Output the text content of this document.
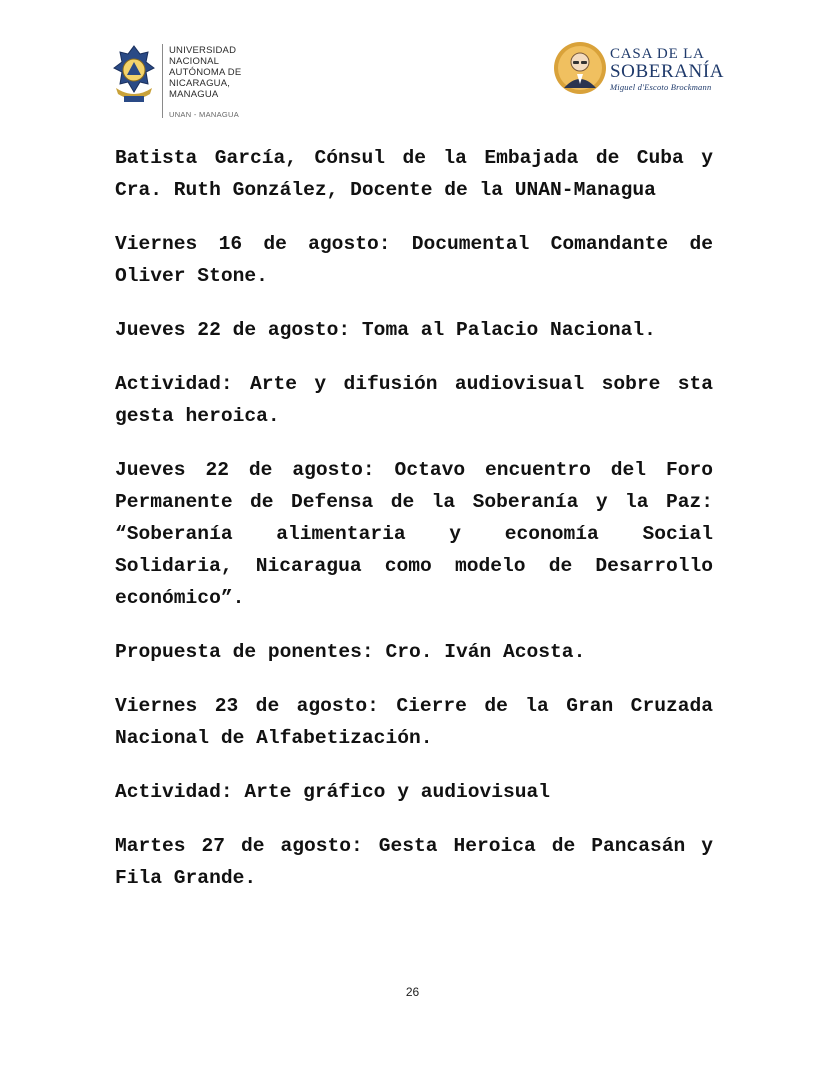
UNIVERSIDAD
NACIONAL
AUTÓNOMA DE
NICARAGUA,
MANAGUA
UNAN - MANAGUA
CASA DE LA
SOBERANÍA
Miguel d'Escoto Brockmann

Batista García, Cónsul de la Embajada de Cuba y Cra. Ruth González, Docente de la UNAN-Managua

Viernes 16 de agosto: Documental Comandante de Oliver Stone.

Jueves 22 de agosto: Toma al Palacio Nacional.

Actividad: Arte y difusión audiovisual sobre sta gesta heroica.

Jueves 22 de agosto: Octavo encuentro del Foro Permanente de Defensa de la Soberanía y la Paz: “Soberanía alimentaria y economía Social Solidaria, Nicaragua como modelo de Desarrollo económico”.

Propuesta de ponentes: Cro. Iván Acosta.

Viernes 23 de agosto: Cierre de la Gran Cruzada Nacional de Alfabetización.

Actividad: Arte gráfico y audiovisual

Martes 27 de agosto: Gesta Heroica de Pancasán y Fila Grande.

26
